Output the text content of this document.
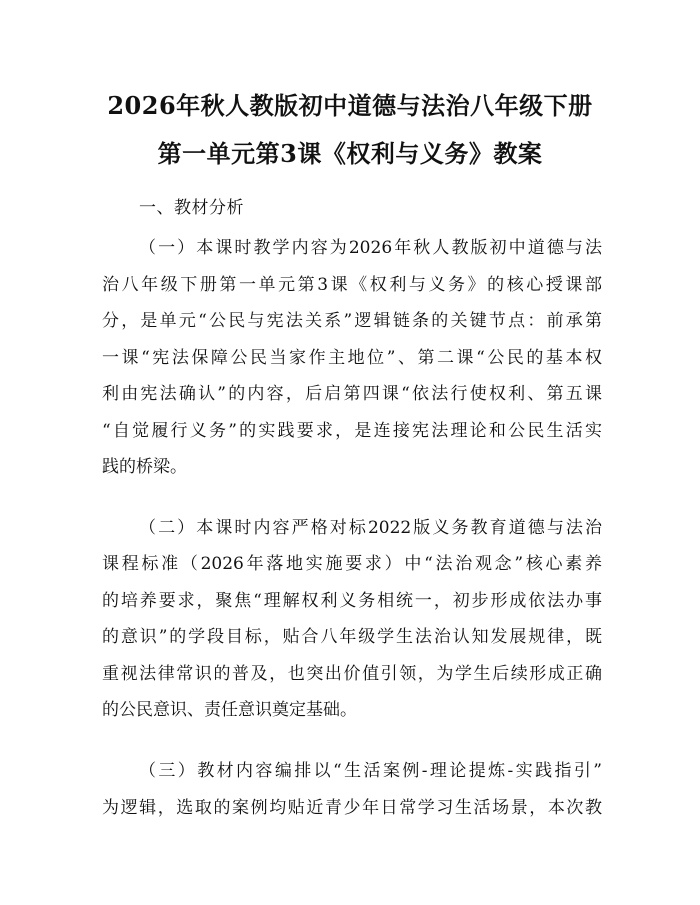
2026年秋人教版初中道德与法治八年级下册
第一单元第3课《权利与义务》教案
一、教材分析
（一）本课时教学内容为2026年秋人教版初中道德与法
治八年级下册第一单元第3课《权利与义务》的核心授课部
分，是单元“公民与宪法关系”逻辑链条的关键节点：前承第
一课“宪法保障公民当家作主地位”、第二课“公民的基本权
利由宪法确认”的内容，后启第四课“依法行使权利、第五课
“自觉履行义务”的实践要求，是连接宪法理论和公民生活实
践的桥梁。
（二）本课时内容严格对标2022版义务教育道德与法治
课程标准（2026年落地实施要求）中“法治观念”核心素养
的培养要求，聚焦“理解权利义务相统一，初步形成依法办事
的意识”的学段目标，贴合八年级学生法治认知发展规律，既
重视法律常识的普及，也突出价值引领，为学生后续形成正确
的公民意识、责任意识奠定基础。
（三）教材内容编排以“生活案例-理论提炼-实践指引”
为逻辑，选取的案例均贴近青少年日常学习生活场景，本次教
